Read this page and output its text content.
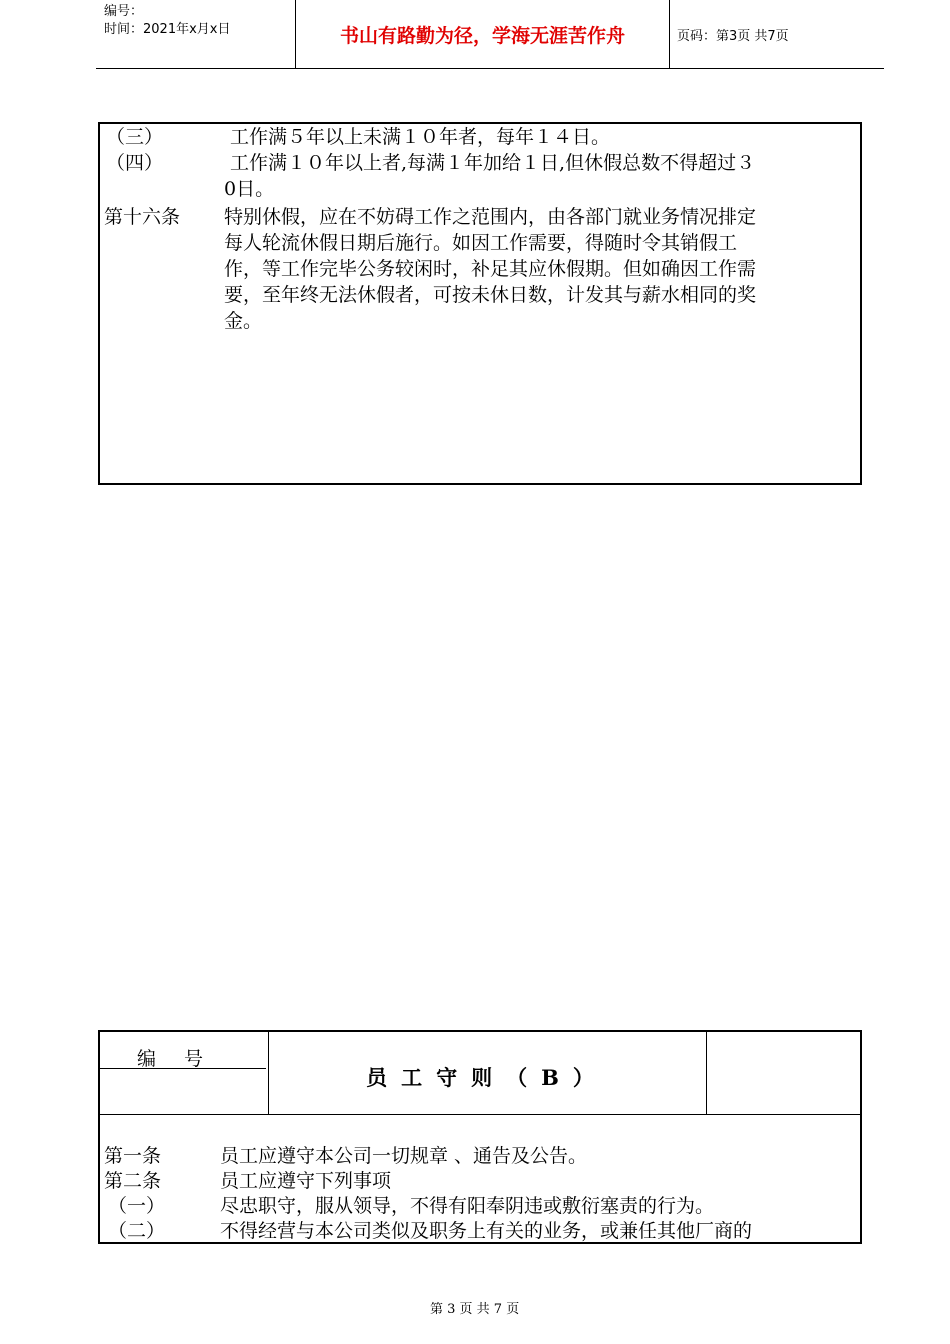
编号：
时间：2021年x月x日	书山有路勤为径，学海无涯苦作舟	页码：第3页 共7页
（三）	工作满５年以上未满１０年者，每年１４日。
（四）	工作满１０年以上者,每满１年加给１日,但休假总数不得超过３
0日。
第十六条 特别休假，应在不妨碍工作之范围内，由各部门就业务情况排定
每人轮流休假日期后施行。如因工作需要，得随时令其销假工
作，等工作完毕公务较闲时，补足其应休假期。但如确因工作需
要，至年终无法休假者，可按未休日数，计发其与薪水相同的奖
金。
编号
员工守则（B）
第一条	员工应遵守本公司一切规章 、通告及公告。
第二条	员工应遵守下列事项
（一）	尽忠职守，服从领导，不得有阳奉阴违或敷衍塞责的行为。
（二）	不得经营与本公司类似及职务上有关的业务，或兼任其他厂商的
第 3 页 共 7 页
